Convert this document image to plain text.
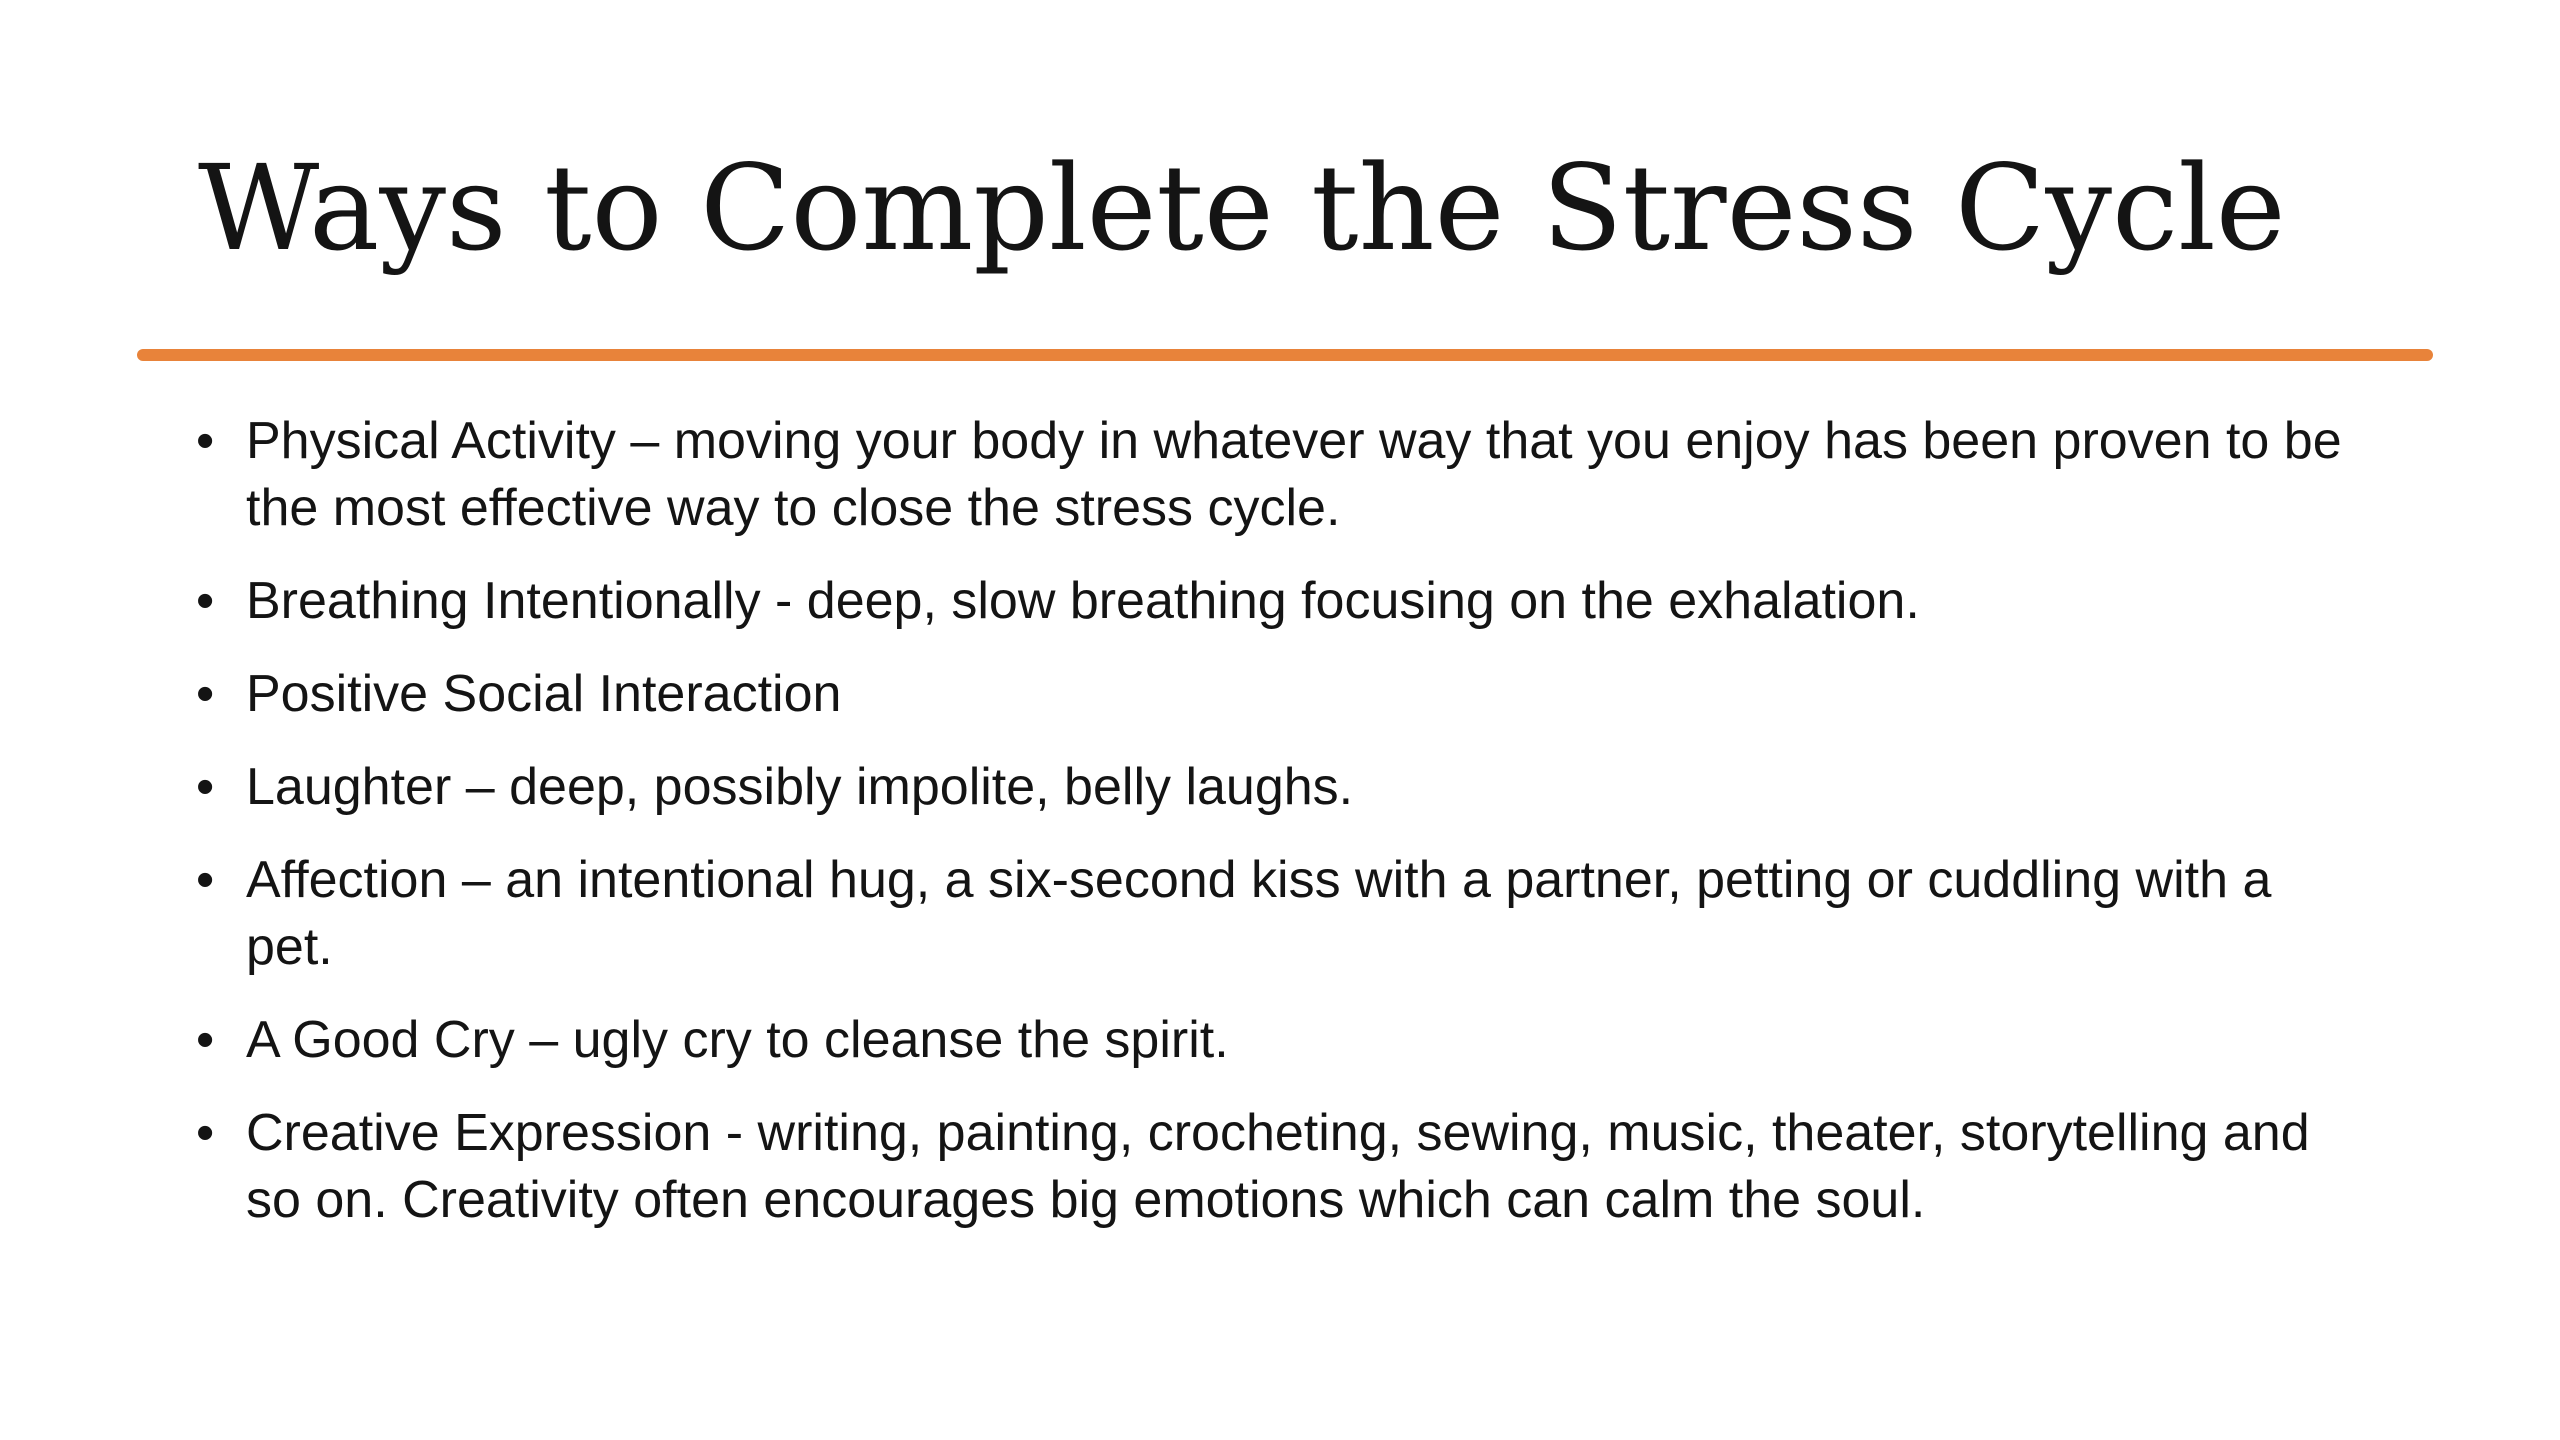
Ways to Complete the Stress Cycle
• Physical Activity – moving your body in whatever way that you enjoy has been proven to be the most effective way to close the stress cycle.
• Breathing Intentionally - deep, slow breathing focusing on the exhalation.
• Positive Social Interaction
• Laughter – deep, possibly impolite, belly laughs.
• Affection – an intentional hug, a six-second kiss with a partner, petting or cuddling with a pet.
• A Good Cry – ugly cry to cleanse the spirit.
• Creative Expression - writing, painting, crocheting, sewing, music, theater, storytelling and so on. Creativity often encourages big emotions which can calm the soul.
